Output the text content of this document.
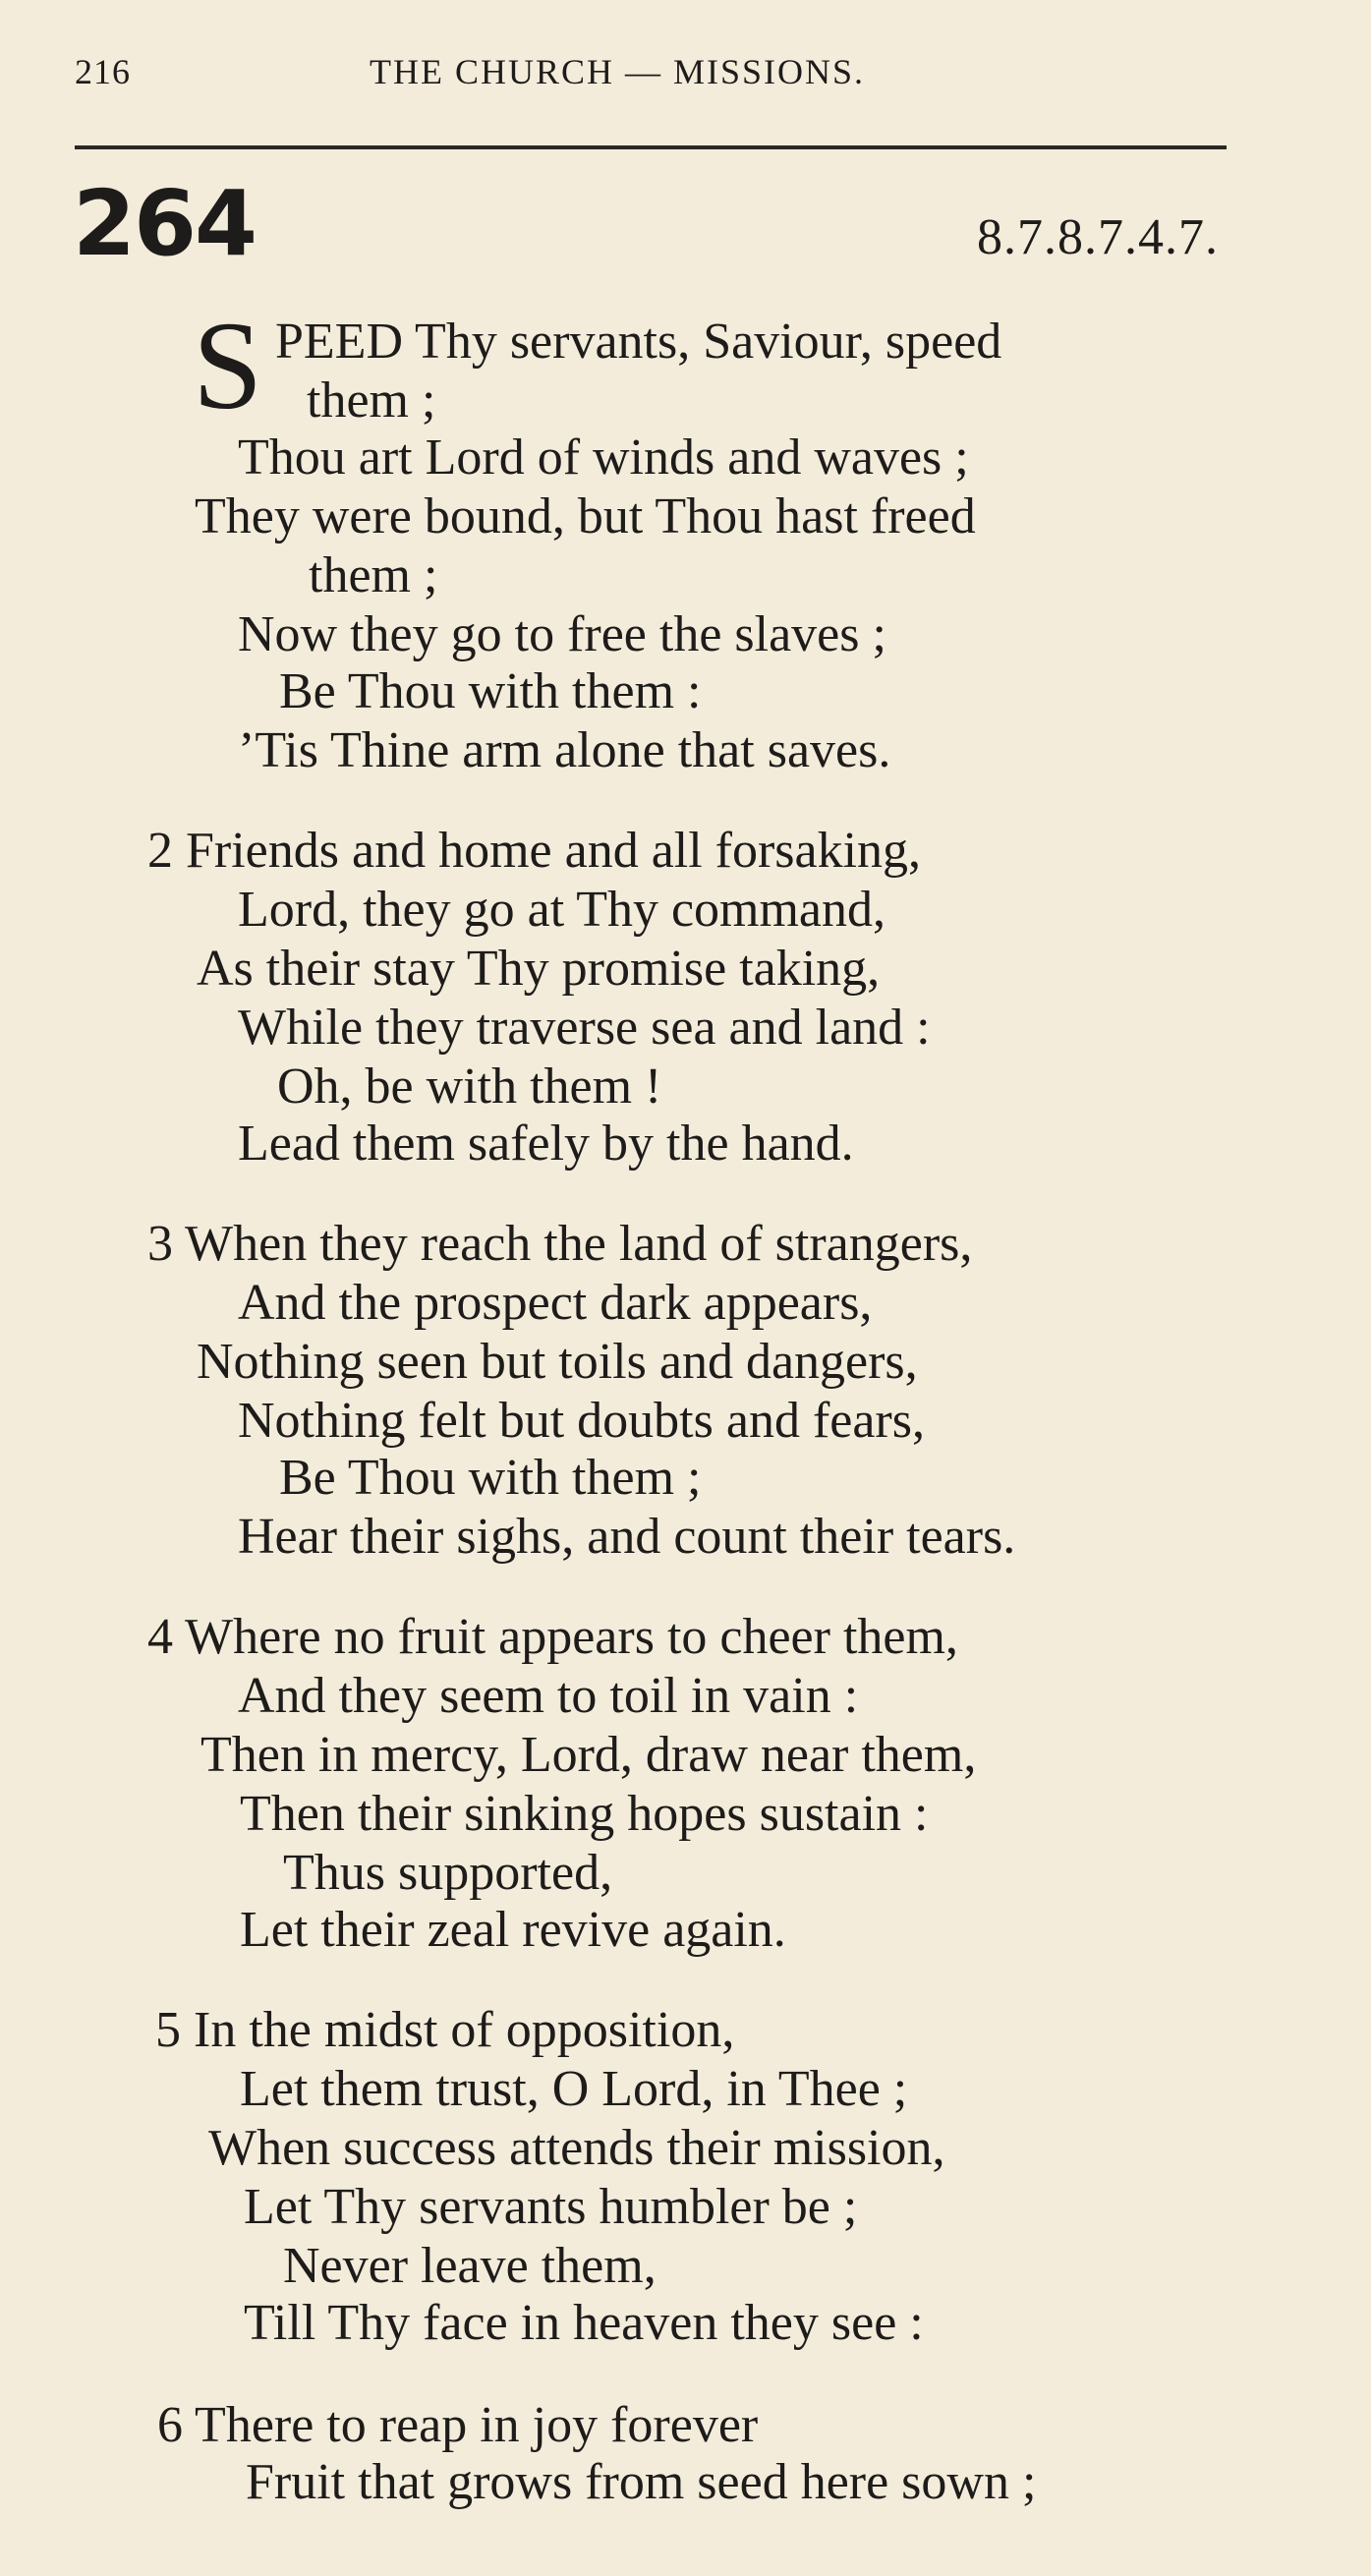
216	THE CHURCH — MISSIONS.
264	8.7.8.7.4.7.
S PEED Thy servants, Saviour, speed
them ;
Thou art Lord of winds and waves ;
They were bound, but Thou hast freed
them ;
Now they go to free the slaves ;
Be Thou with them :
’Tis Thine arm alone that saves.
2 Friends and home and all forsaking,
Lord, they go at Thy command,
As their stay Thy promise taking,
While they traverse sea and land :
Oh, be with them !
Lead them safely by the hand.
3 When they reach the land of strangers,
And the prospect dark appears,
Nothing seen but toils and dangers,
Nothing felt but doubts and fears,
Be Thou with them ;
Hear their sighs, and count their tears.
4 Where no fruit appears to cheer them,
And they seem to toil in vain :
Then in mercy, Lord, draw near them,
Then their sinking hopes sustain :
Thus supported,
Let their zeal revive again.
5 In the midst of opposition,
Let them trust, O Lord, in Thee ;
When success attends their mission,
Let Thy servants humbler be ;
Never leave them,
Till Thy face in heaven they see :
6 There to reap in joy forever
Fruit that grows from seed here sown ;
